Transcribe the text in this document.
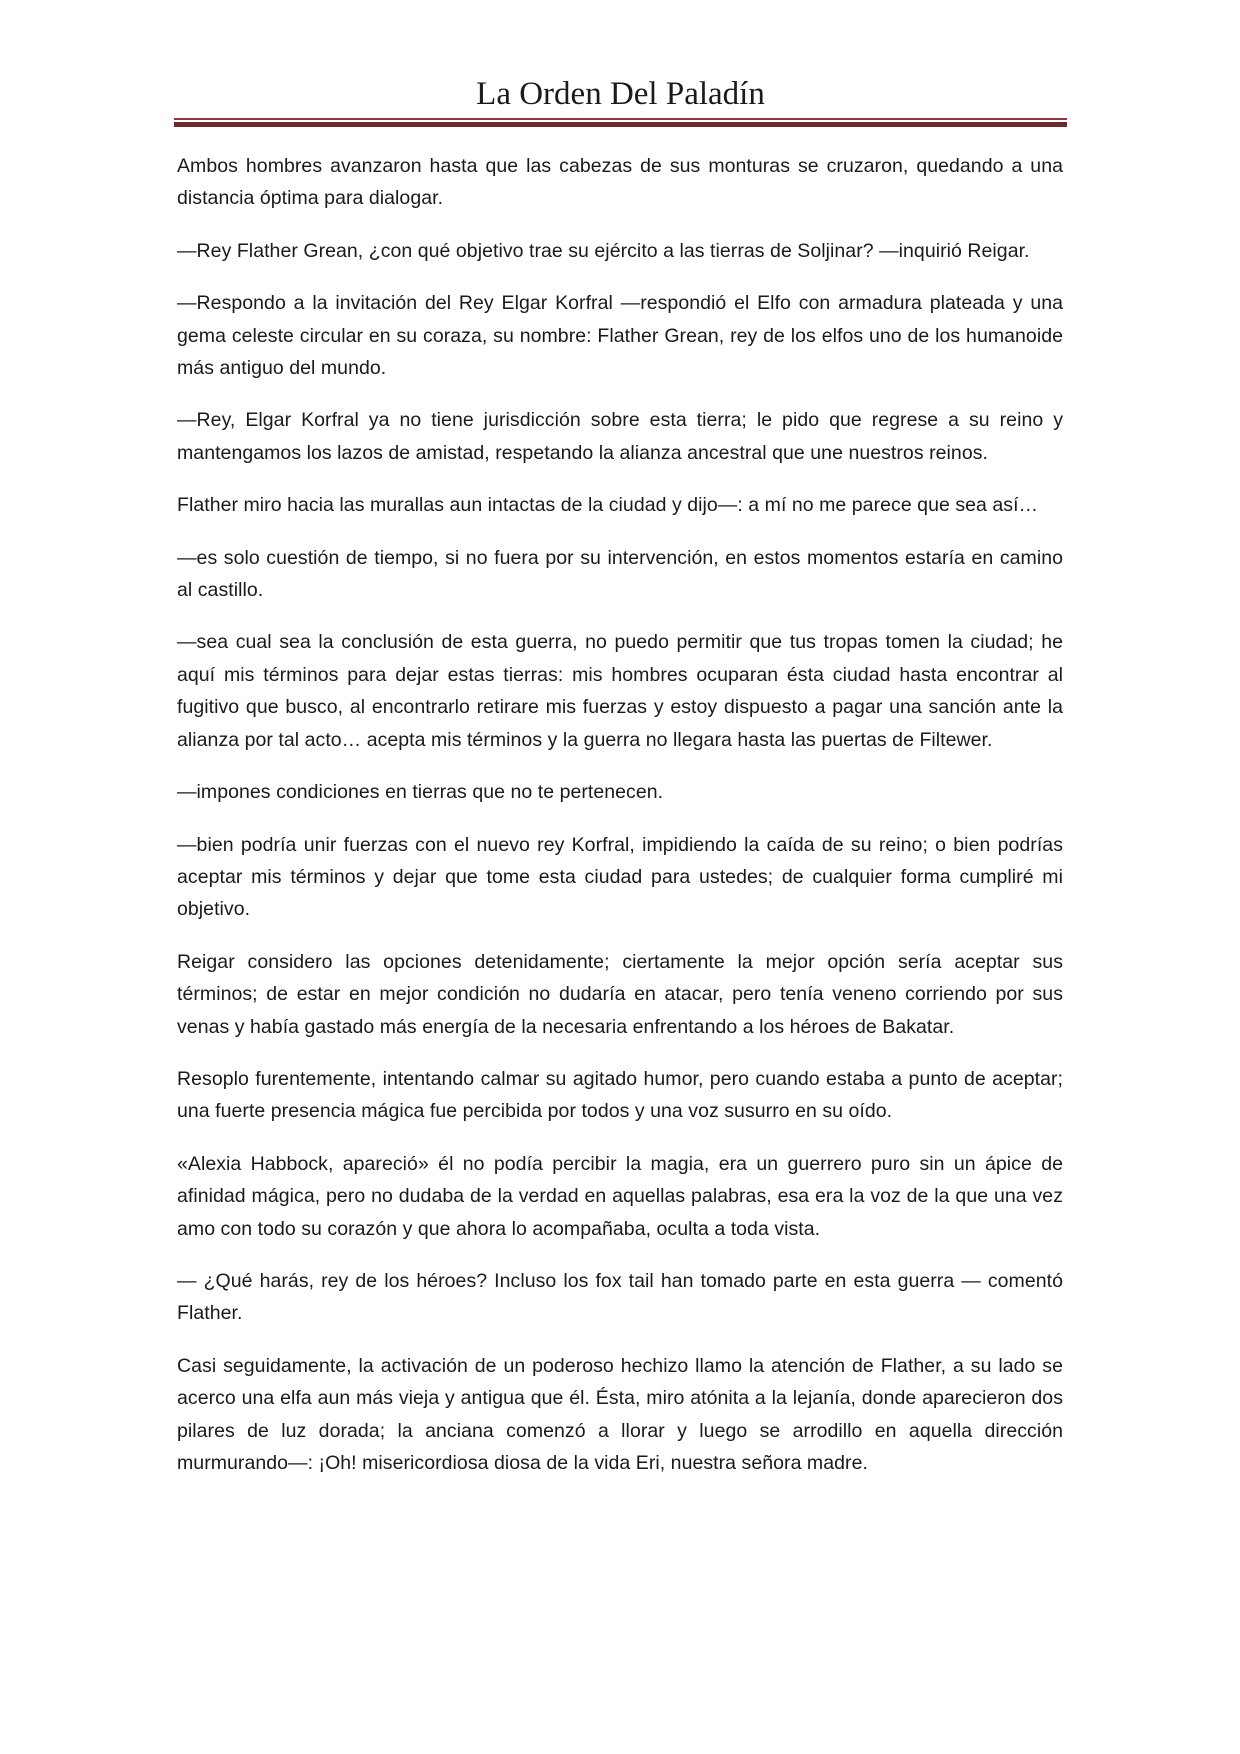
La Orden Del Paladín

Ambos hombres avanzaron hasta que las cabezas de sus monturas se cruzaron, quedando a una distancia óptima para dialogar.

—Rey Flather Grean, ¿con qué objetivo trae su ejército a las tierras de Soljinar? —inquirió Reigar.

—Respondo a la invitación del Rey Elgar Korfral —respondió el Elfo con armadura plateada y una gema celeste circular en su coraza, su nombre: Flather Grean, rey de los elfos uno de los humanoide más antiguo del mundo.

—Rey, Elgar Korfral ya no tiene jurisdicción sobre esta tierra; le pido que regrese a su reino y mantengamos los lazos de amistad, respetando la alianza ancestral que une nuestros reinos.

Flather miro hacia las murallas aun intactas de la ciudad y dijo—: a mí no me parece que sea así…

—es solo cuestión de tiempo, si no fuera por su intervención, en estos momentos estaría en camino al castillo.

—sea cual sea la conclusión de esta guerra, no puedo permitir que tus tropas tomen la ciudad; he aquí mis términos para dejar estas tierras: mis hombres ocuparan ésta ciudad hasta encontrar al fugitivo que busco, al encontrarlo retirare mis fuerzas y estoy dispuesto a pagar una sanción ante la alianza por tal acto… acepta mis términos y la guerra no llegara hasta las puertas de Filtewer.

—impones condiciones en tierras que no te pertenecen.

—bien podría unir fuerzas con el nuevo rey Korfral, impidiendo la caída de su reino; o bien podrías aceptar mis términos y dejar que tome esta ciudad para ustedes; de cualquier forma cumpliré mi objetivo.

Reigar considero las opciones detenidamente; ciertamente la mejor opción sería aceptar sus términos; de estar en mejor condición no dudaría en atacar, pero tenía veneno corriendo por sus venas y había gastado más energía de la necesaria enfrentando a los héroes de Bakatar.

Resoplo furentemente, intentando calmar su agitado humor, pero cuando estaba a punto de aceptar; una fuerte presencia mágica fue percibida por todos y una voz susurro en su oído.

«Alexia Habbock, apareció» él no podía percibir la magia, era un guerrero puro sin un ápice de afinidad mágica, pero no dudaba de la verdad en aquellas palabras, esa era la voz de la que una vez amo con todo su corazón y que ahora lo acompañaba, oculta a toda vista.

— ¿Qué harás, rey de los héroes? Incluso los fox tail han tomado parte en esta guerra — comentó Flather.

Casi seguidamente, la activación de un poderoso hechizo llamo la atención de Flather, a su lado se acerco una elfa aun más vieja y antigua que él. Ésta, miro atónita a la lejanía, donde aparecieron dos pilares de luz dorada; la anciana comenzó a llorar y luego se arrodillo en aquella dirección murmurando—: ¡Oh! misericordiosa diosa de la vida Eri, nuestra señora madre.
